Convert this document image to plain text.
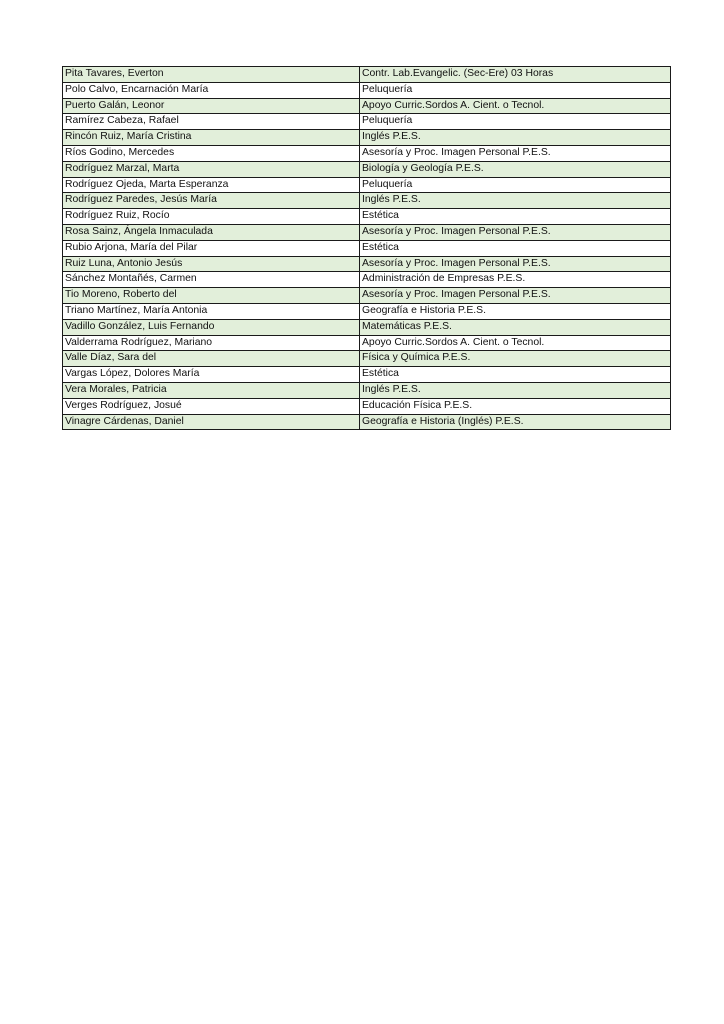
Pita Tavares, Everton	Contr. Lab.Evangelic. (Sec-Ere) 03 Horas
Polo Calvo, Encarnación María	Peluquería
Puerto Galán, Leonor	Apoyo Curric.Sordos A. Cient. o Tecnol.
Ramírez Cabeza, Rafael	Peluquería
Rincón Ruiz, María Cristina	Inglés P.E.S.
Ríos Godino, Mercedes	Asesoría y Proc. Imagen Personal P.E.S.
Rodríguez Marzal, Marta	Biología y Geología P.E.S.
Rodríguez Ojeda, Marta Esperanza	Peluquería
Rodríguez Paredes, Jesús María	Inglés P.E.S.
Rodríguez Ruiz, Rocío	Estética
Rosa Sainz, Ángela Inmaculada	Asesoría y Proc. Imagen Personal P.E.S.
Rubio Arjona, María del Pilar	Estética
Ruiz Luna, Antonio Jesús	Asesoría y Proc. Imagen Personal P.E.S.
Sánchez Montañés, Carmen	Administración de Empresas P.E.S.
Tio Moreno, Roberto del	Asesoría y Proc. Imagen Personal P.E.S.
Triano Martínez, María Antonia	Geografía e Historia P.E.S.
Vadillo González, Luis Fernando	Matemáticas P.E.S.
Valderrama Rodríguez, Mariano	Apoyo Curric.Sordos A. Cient. o Tecnol.
Valle Díaz, Sara del	Física y Química P.E.S.
Vargas López, Dolores María	Estética
Vera Morales, Patricia	Inglés P.E.S.
Verges Rodríguez, Josué	Educación Física P.E.S.
Vinagre Cárdenas, Daniel	Geografía e Historia (Inglés) P.E.S.
